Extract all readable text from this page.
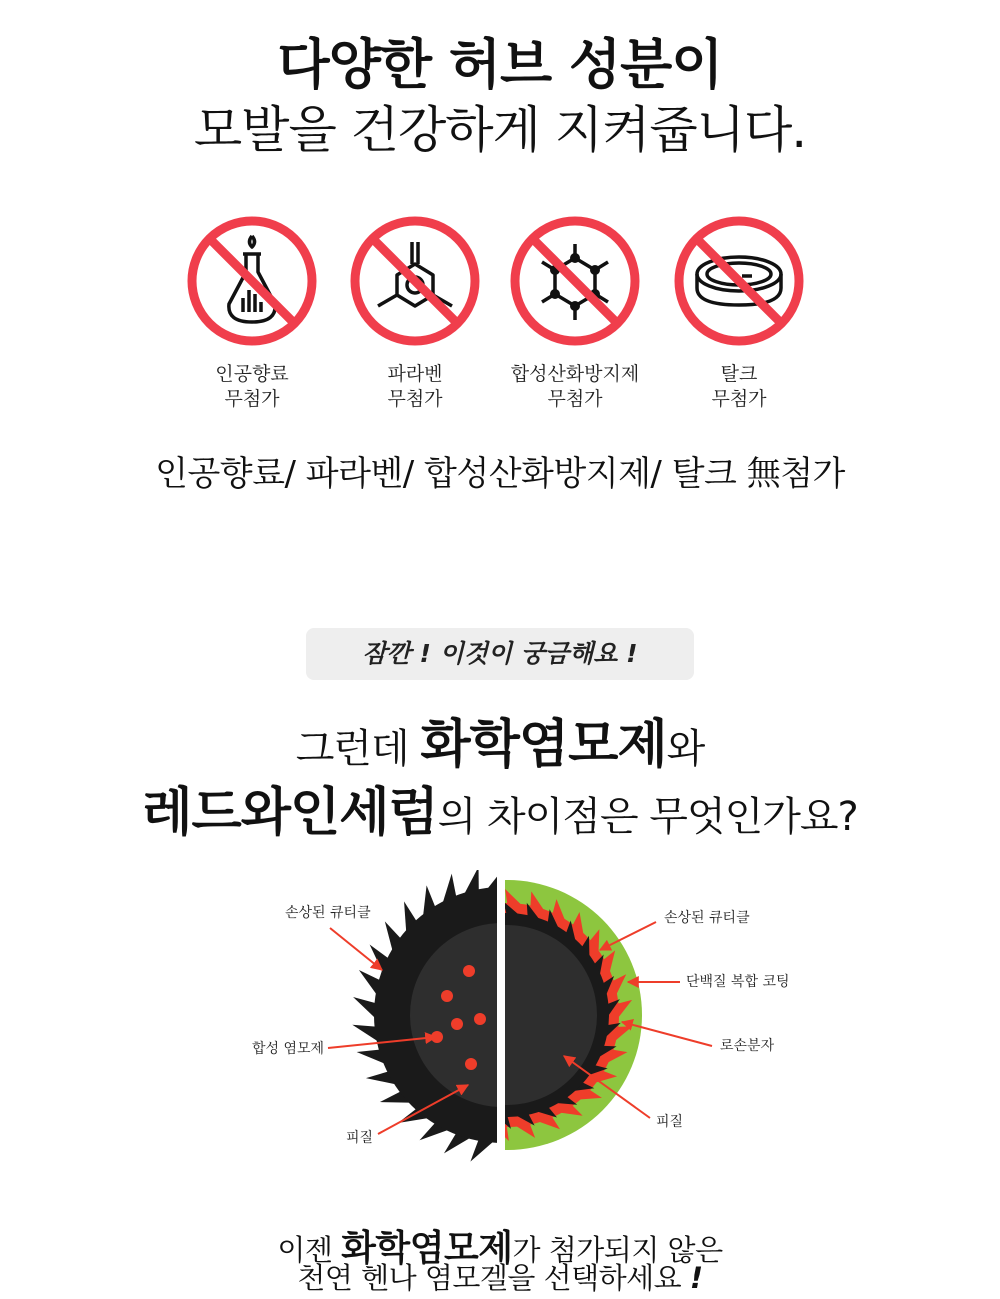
다양한 허브 성분이
모발을 건강하게 지켜줍니다.
인공향료
무첨가
파라벤
무첨가
합성산화방지제
무첨가
탈크
무첨가
인공향료/ 파라벤/ 합성산화방지제/ 탈크 無첨가
잠깐 ! 이것이 궁금해요 !
그런데 화학염모제와
레드와인세럼의 차이점은 무엇인가요?
손상된 큐티클
합성 염모제
피질
손상된 큐티클
단백질 복합 코팅
로손분자
피질
이젠 화학염모제가 첨가되지 않은
천연 헨나 염모겔을 선택하세요 !
